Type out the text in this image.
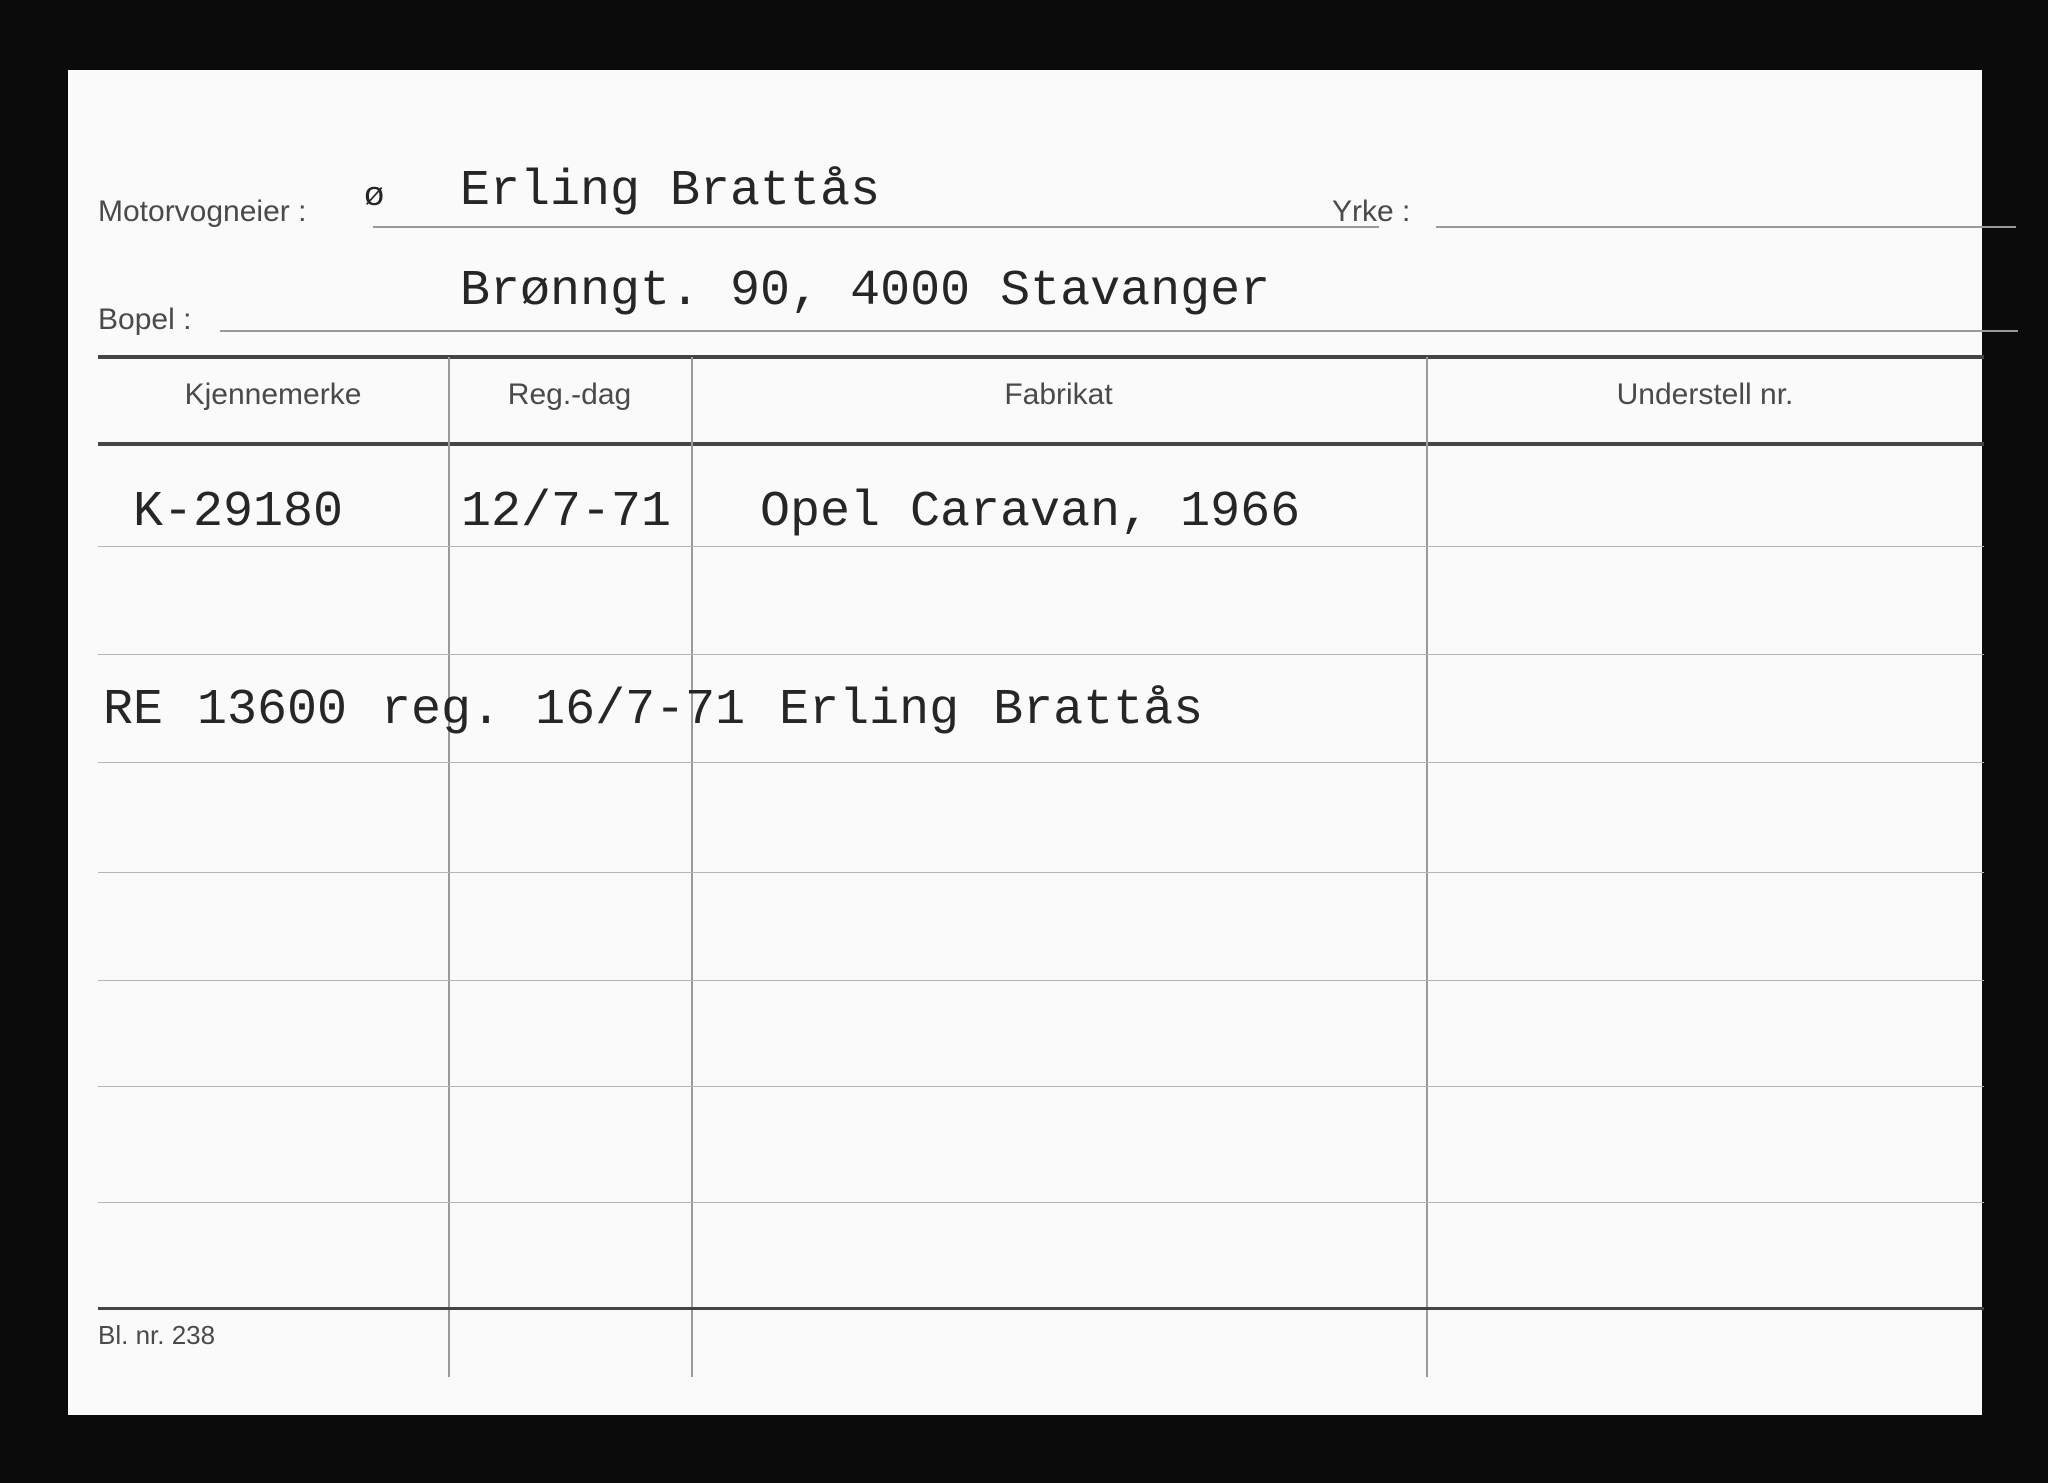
Motorvogneier : ø Erling Brattås	Yrke :
Bopel :	Brønngt. 90, 4000 Stavanger
Kjennemerke	Reg.-dag	Fabrikat	Understell nr.
K-29180 12/7-71 Opel Caravan, 1966
RE 13600 reg. 16/7-71 Erling Brattås
Bl. nr. 238
